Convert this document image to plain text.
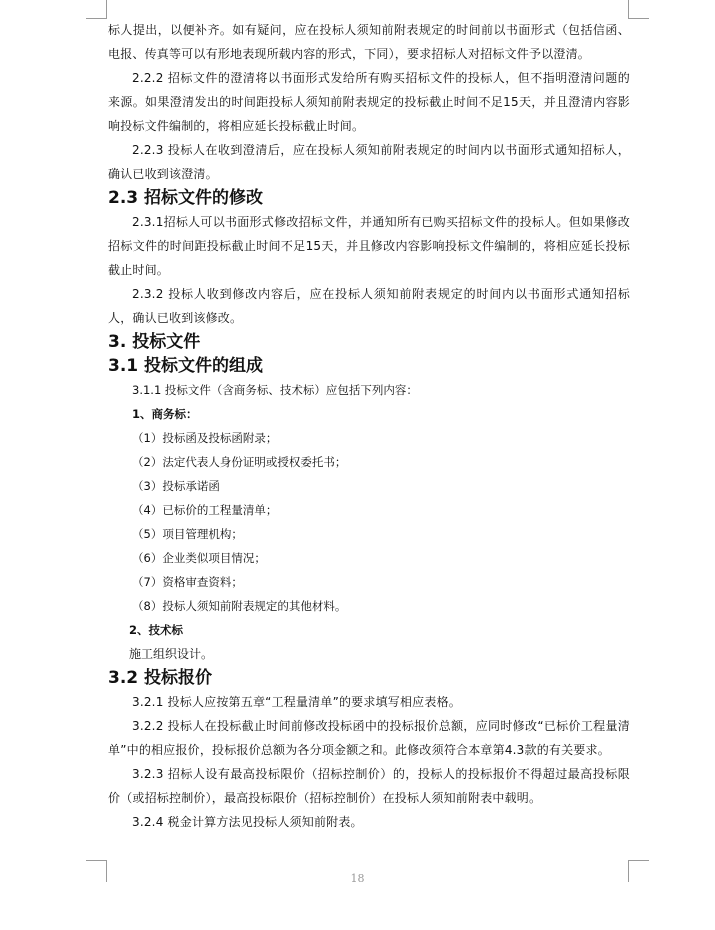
标人提出，以便补齐。如有疑问，应在投标人须知前附表规定的时间前以书面形式（包括信函、电报、传真等可以有形地表现所载内容的形式，下同），要求招标人对招标文件予以澄清。

2.2.2 招标文件的澄清将以书面形式发给所有购买招标文件的投标人，但不指明澄清问题的来源。如果澄清发出的时间距投标人须知前附表规定的投标截止时间不足15天，并且澄清内容影响投标文件编制的，将相应延长投标截止时间。

2.2.3 投标人在收到澄清后，应在投标人须知前附表规定的时间内以书面形式通知招标人，确认已收到该澄清。

2.3 招标文件的修改

2.3.1招标人可以书面形式修改招标文件，并通知所有已购买招标文件的投标人。但如果修改招标文件的时间距投标截止时间不足15天，并且修改内容影响投标文件编制的，将相应延长投标截止时间。

2.3.2 投标人收到修改内容后，应在投标人须知前附表规定的时间内以书面形式通知招标人，确认已收到该修改。

3. 投标文件

3.1 投标文件的组成

3.1.1 投标文件（含商务标、技术标）应包括下列内容：

1、商务标：

（1）投标函及投标函附录；

（2）法定代表人身份证明或授权委托书；

（3）投标承诺函

（4）已标价的工程量清单；

（5）项目管理机构；

（6）企业类似项目情况；

（7）资格审查资料；

（8）投标人须知前附表规定的其他材料。

2、技术标

施工组织设计。

3.2 投标报价

3.2.1 投标人应按第五章“工程量清单”的要求填写相应表格。

3.2.2 投标人在投标截止时间前修改投标函中的投标报价总额，应同时修改“已标价工程量清单”中的相应报价，投标报价总额为各分项金额之和。此修改须符合本章第4.3款的有关要求。

3.2.3 招标人设有最高投标限价（招标控制价）的，投标人的投标报价不得超过最高投标限价（或招标控制价），最高投标限价（招标控制价）在投标人须知前附表中载明。

3.2.4 税金计算方法见投标人须知前附表。

18
